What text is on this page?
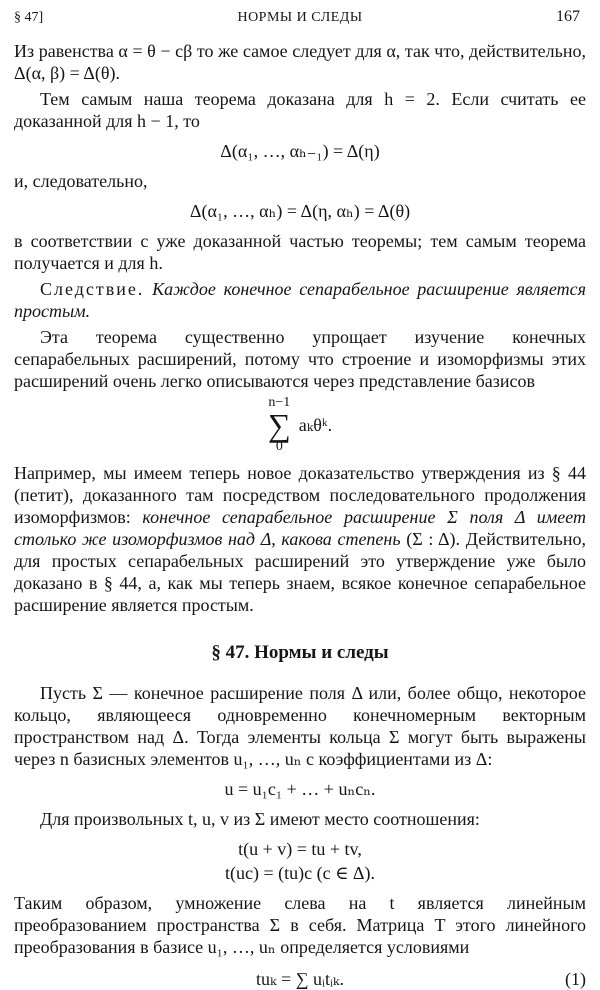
§ 47]	НОРМЫ И СЛЕДЫ	167

Из равенства α = θ − cβ то же самое следует для α, так что, действительно, Δ(α, β) = Δ(θ).

Тем самым наша теорема доказана для h = 2. Если считать ее доказанной для h − 1, то

Δ(α₁, …, αₕ₋₁) = Δ(η)

и, следовательно,

Δ(α₁, …, αₕ) = Δ(η, αₕ) = Δ(θ)

в соответствии с уже доказанной частью теоремы; тем самым теорема получается и для h.

Следствие. Каждое конечное сепарабельное расширение является простым.

Эта теорема существенно упрощает изучение конечных сепарабельных расширений, потому что строение и изоморфизмы этих расширений очень легко описываются через представление базисов

n−1
∑
0
aₖθᵏ.

Например, мы имеем теперь новое доказательство утверждения из § 44 (петит), доказанного там посредством последовательного продолжения изоморфизмов: конечное сепарабельное расширение Σ поля Δ имеет столько же изоморфизмов над Δ, какова степень (Σ : Δ). Действительно, для простых сепарабельных расширений это утверждение уже было доказано в § 44, а, как мы теперь знаем, всякое конечное сепарабельное расширение является простым.

§ 47. Нормы и следы

Пусть Σ — конечное расширение поля Δ или, более общо, некоторое кольцо, являющееся одновременно конечномерным векторным пространством над Δ. Тогда элементы кольца Σ могут быть выражены через n базисных элементов u₁, …, uₙ с коэффициентами из Δ:

u = u₁c₁ + … + uₙcₙ.

Для произвольных t, u, v из Σ имеют место соотношения:

t(u + v) = tu + tv,
t(uc) = (tu)c (c ∈ Δ).

Таким образом, умножение слева на t является линейным преобразованием пространства Σ в себя. Матрица T этого линейного преобразования в базисе u₁, …, uₙ определяется условиями

tuₖ = ∑ uᵢtᵢₖ.	(1)
